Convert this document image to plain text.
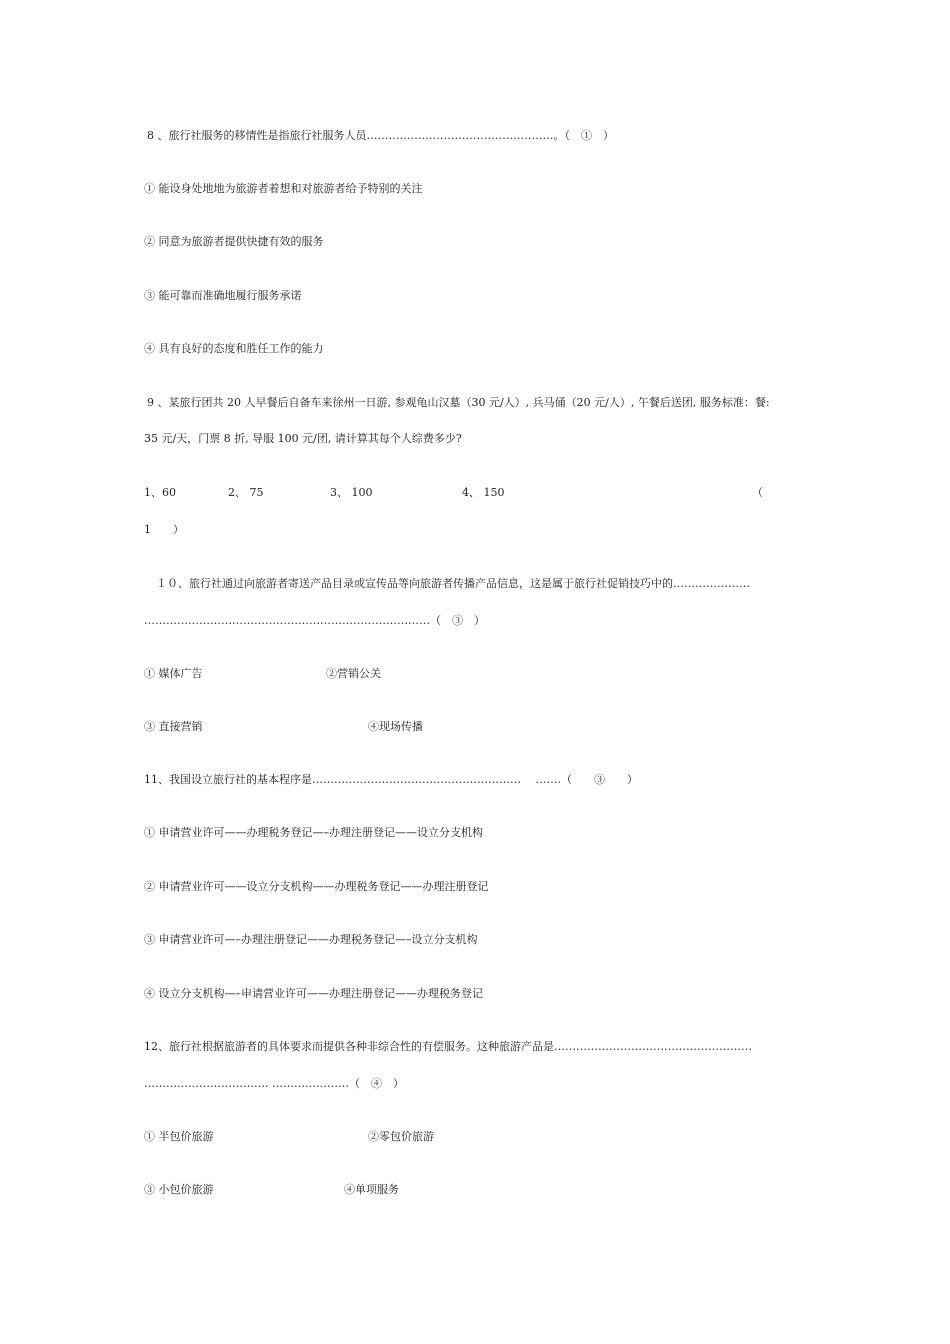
8 、旅行社服务的移情性是指旅行社服务人员……………………………………………。（　①　）
① 能设身处地地为旅游者着想和对旅游者给予特别的关注
② 同意为旅游者提供快捷有效的服务
③ 能可靠而准确地履行服务承诺
④ 具有良好的态度和胜任工作的能力
9 、某旅行团共 20 人早餐后自备车来徐州一日游, 参观龟山汉墓（30 元/人）, 兵马俑（20 元/人）, 午餐后送团, 服务标准：餐:
35 元/天，门票 8 折, 导服 100 元/团, 请计算其每个人综费多少?
1、60	2、 75	3、 100	4、 150	（
1　　）
１０、旅行社通过向旅游者寄送产品目录或宣传品等向旅游者传播产品信息，这是属于旅行社促销技巧中的…………………
……………………………………………………………………（　③　）
① 媒体广告	②营销公关
③ 直接营销	④现场传播
11、我国设立旅行社的基本程序是…………………………………………………　 …….（　　③　　）
① 申请营业许可——办理税务登记—–办理注册登记——设立分支机构
② 申请营业许可——设立分支机构——办理税务登记——办理注册登记
③ 申请营业许可—–办理注册登记——办理税务登记—–设立分支机构
④ 设立分支机构—–申请营业许可——办理注册登记——办理税务登记
12、旅行社根据旅游者的具体要求而提供各种非综合性的有偿服务。这种旅游产品是………………………………………………
……………………………. …………………（　④　）
① 半包价旅游	②零包价旅游
③ 小包价旅游	④单项服务
